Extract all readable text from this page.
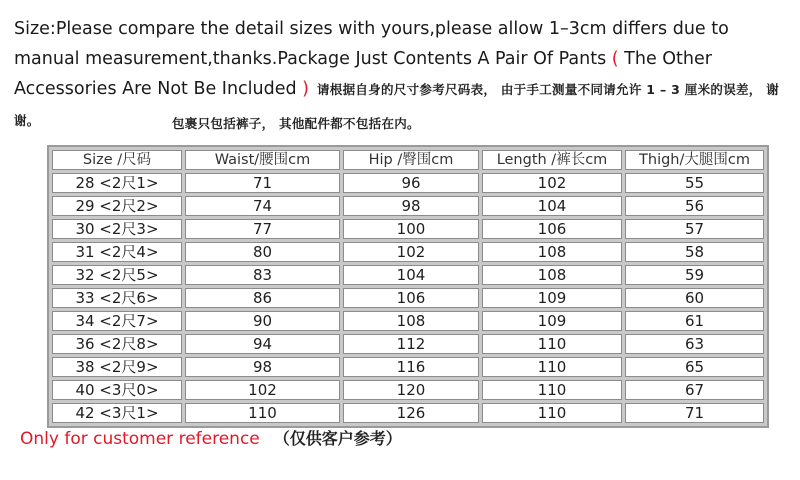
Size:Please compare the detail sizes with yours,please allow 1–3cm differs due to manual measurement,thanks.Package Just Contents A Pair Of Pants ( The Other Accessories Are Not Be Included ) 请根据自身的尺寸参考尺码表， 由于手工测量不同请允许 1 – 3 厘米的误差， 谢谢。	包裹只包括裤子， 其他配件都不包括在内。
Size /尺码	Waist/腰围cm	Hip /臀围cm	Length /裤长cm	Thigh/大腿围cm
28 <2尺1>	71	96	102	55
29 <2尺2>	74	98	104	56
30 <2尺3>	77	100	106	57
31 <2尺4>	80	102	108	58
32 <2尺5>	83	104	108	59
33 <2尺6>	86	106	109	60
34 <2尺7>	90	108	109	61
36 <2尺8>	94	112	110	63
38 <2尺9>	98	116	110	65
40 <3尺0>	102	120	110	67
42 <3尺1>	110	126	110	71
Only for customer reference （仅供客户参考）
